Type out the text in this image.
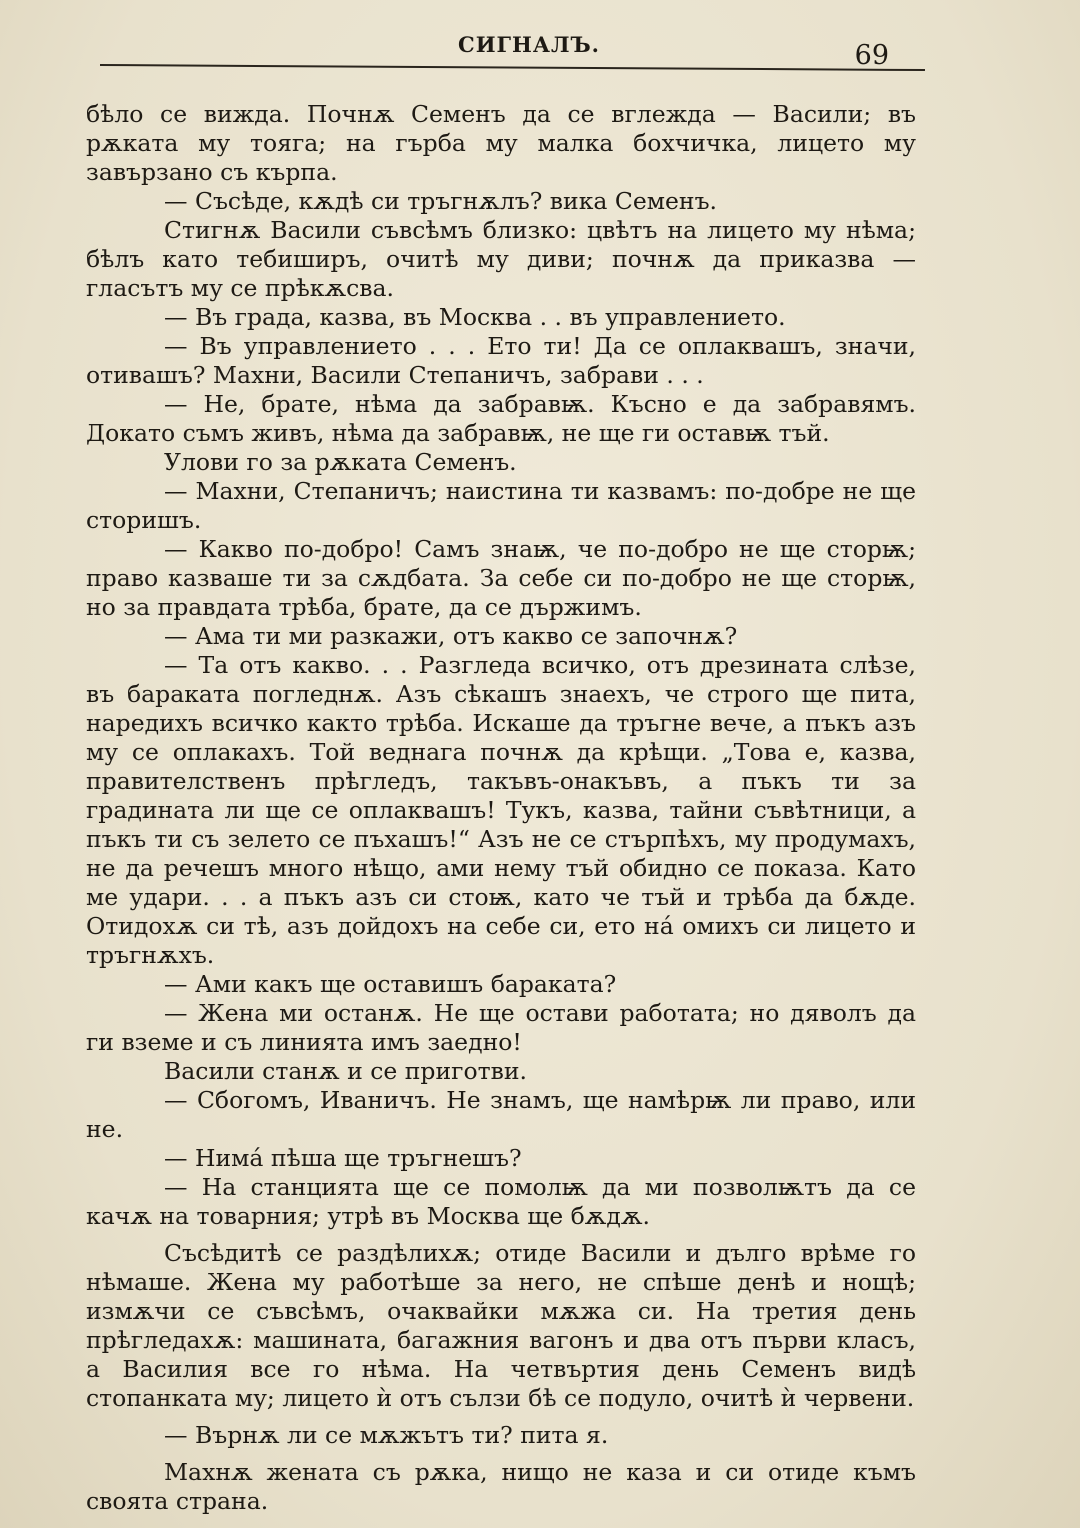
СИГНАЛЪ.	69

бѣло се вижда. Почнѫ Семенъ да се вглежда — Васили; въ рѫката му тояга; на гърба му малка бохчичка, лицето му завързано съ кърпа.

— Съсѣде, кѫдѣ си тръгнѫлъ? вика Семенъ.

Стигнѫ Васили съвсѣмъ близко: цвѣтъ на лицето му нѣма; бѣлъ като тебиширъ, очитѣ му диви; почнѫ да приказва — гласътъ му се прѣкѫсва.

— Въ града, казва, въ Москва . . въ управлението.

— Въ управлението . . . Ето ти! Да се оплаквашъ, значи, отивашъ? Махни, Васили Степаничъ, забрави . . .

— Не, брате, нѣма да забравѭ. Късно е да забравямъ. Докато съмъ живъ, нѣма да забравѭ, не ще ги оставѭ тъй.

Улови го за рѫката Семенъ.

— Махни, Степаничъ; наистина ти казвамъ: по-добре не ще сторишъ.

— Какво по-добро! Самъ знаѭ, че по-добро не ще сторѭ; право казваше ти за сѫдбата. За себе си по-добро не ще сторѭ, но за правдата трѣба, брате, да се държимъ.

— Ама ти ми разкажи, отъ какво се започнѫ?

— Та отъ какво. . . Разгледа всичко, отъ дрезината слѣзе, въ бараката погледнѫ. Азъ сѣкашъ знаехъ, че строго ще пита, наредихъ всичко както трѣба. Искаше да тръгне вече, а пъкъ азъ му се оплакахъ. Той веднага почнѫ да крѣщи. „Това е, казва, правителственъ прѣгледъ, такъвъ-онакъвъ, а пъкъ ти за градината ли ще се оплаквашъ! Тукъ, казва, тайни съвѣтници, а пъкъ ти съ зелето се пъхашъ!“ Азъ не се стърпѣхъ, му продумахъ, не да речешъ много нѣщо, ами нему тъй обидно се показа. Като ме удари. . . а пъкъ азъ си стоѭ, като че тъй и трѣба да бѫде. Отидохѫ си тѣ, азъ дойдохъ на себе си, ето на́ омихъ си лицето и тръгнѫхъ.

— Ами какъ ще оставишъ бараката?

— Жена ми останѫ. Не ще остави работата; но дяволъ да ги вземе и съ линията имъ заедно!

Васили станѫ и се приготви.

— Сбогомъ, Иваничъ. Не знамъ, ще намѣрѭ ли право, или не.

— Нима́ пѣша ще тръгнешъ?

— На станцията ще се помолѭ да ми позволѭтъ да се качѫ на товарния; утрѣ въ Москва ще бѫдѫ.

Съсѣдитѣ се раздѣлихѫ; отиде Васили и дълго врѣме го нѣмаше. Жена му работѣше за него, не спѣше денѣ и нощѣ; измѫчи се съвсѣмъ, очаквайки мѫжа си. На третия день прѣгледахѫ: машината, багажния вагонъ и два отъ първи класъ, а Василия все го нѣма. На четвъртия день Семенъ видѣ стопанката му; лицето ѝ отъ сълзи бѣ се подуло, очитѣ ѝ червени.

— Върнѫ ли се мѫжътъ ти? пита я.

Махнѫ жената съ рѫка, нищо не каза и си отиде къмъ своята страна.
